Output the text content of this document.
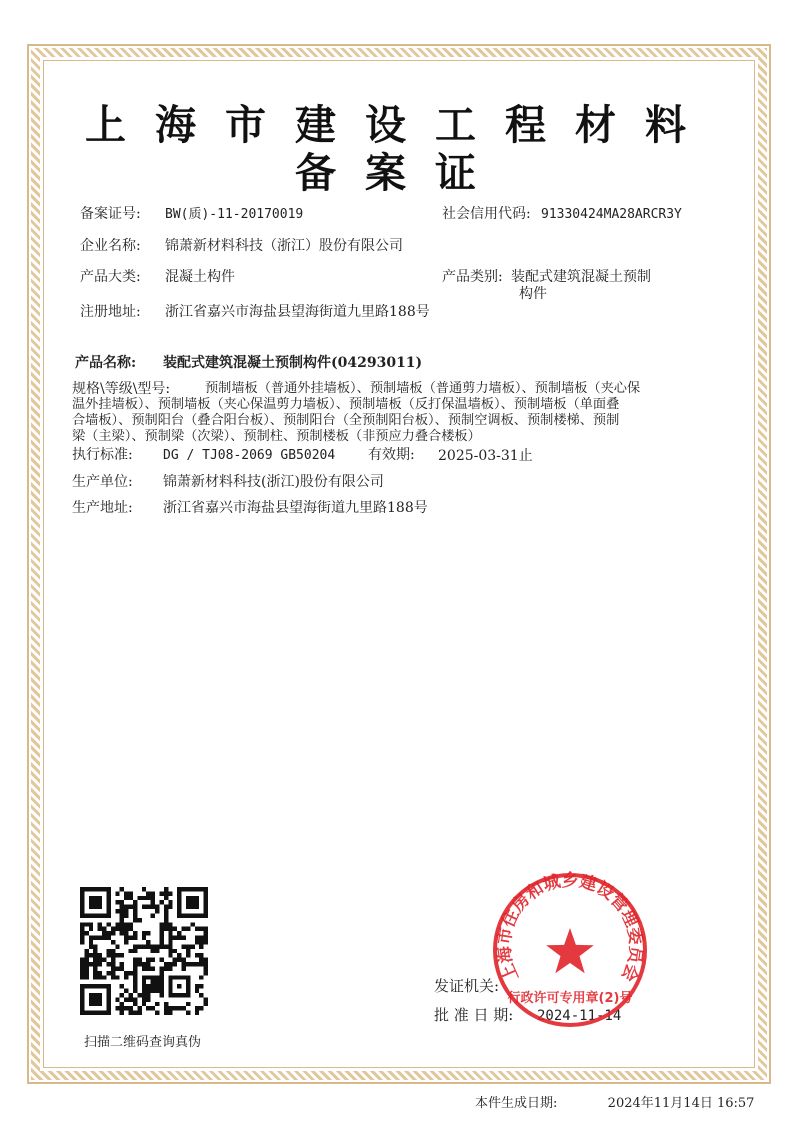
上海市建设工程材料
备案证
备案证号: BW(质)-11-20170019	社会信用代码: 91330424MA28ARCR3Y
企业名称: 锦萧新材料科技（浙江）股份有限公司
产品大类: 混凝土构件	产品类别: 装配式建筑混凝土预制
构件
注册地址: 浙江省嘉兴市海盐县望海街道九里路188号
产品名称: 装配式建筑混凝土预制构件(04293011)
规格\等级\型号:	预制墙板（普通外挂墙板）、预制墙板（普通剪力墙板）、预制墙板（夹心保
温外挂墙板）、预制墙板（夹心保温剪力墙板）、预制墙板（反打保温墙板）、预制墙板（单面叠
合墙板）、预制阳台（叠合阳台板）、预制阳台（全预制阳台板）、预制空调板、预制楼梯、预制
梁（主梁）、预制梁（次梁）、预制柱、预制楼板（非预应力叠合楼板）
执行标准: DG / TJ08-2069 GB50204 有效期: 2025-03-31止
生产单位: 锦萧新材料科技(浙江)股份有限公司
生产地址: 浙江省嘉兴市海盐县望海街道九里路188号
扫描二维码查询真伪
发证机关:
批 准 日 期: 2024-11-14
上海市住房和城乡建设管理委员会
行政许可专用章(2)号
本件生成日期:	2024年11月14日 16:57
